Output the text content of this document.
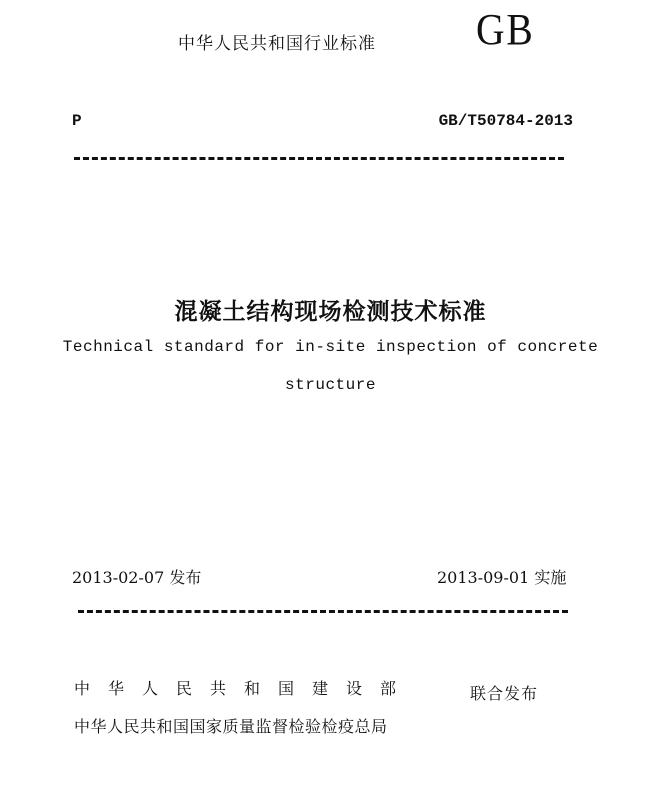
中华人民共和国行业标准 GB
P	GB/T50784-2013
混凝土结构现场检测技术标准
Technical standard for in-site inspection of concrete
structure
2013-02-07 发布	2013-09-01 实施
中华人民共和国建设部
中华人民共和国国家质量监督检验检疫总局
联合发布
